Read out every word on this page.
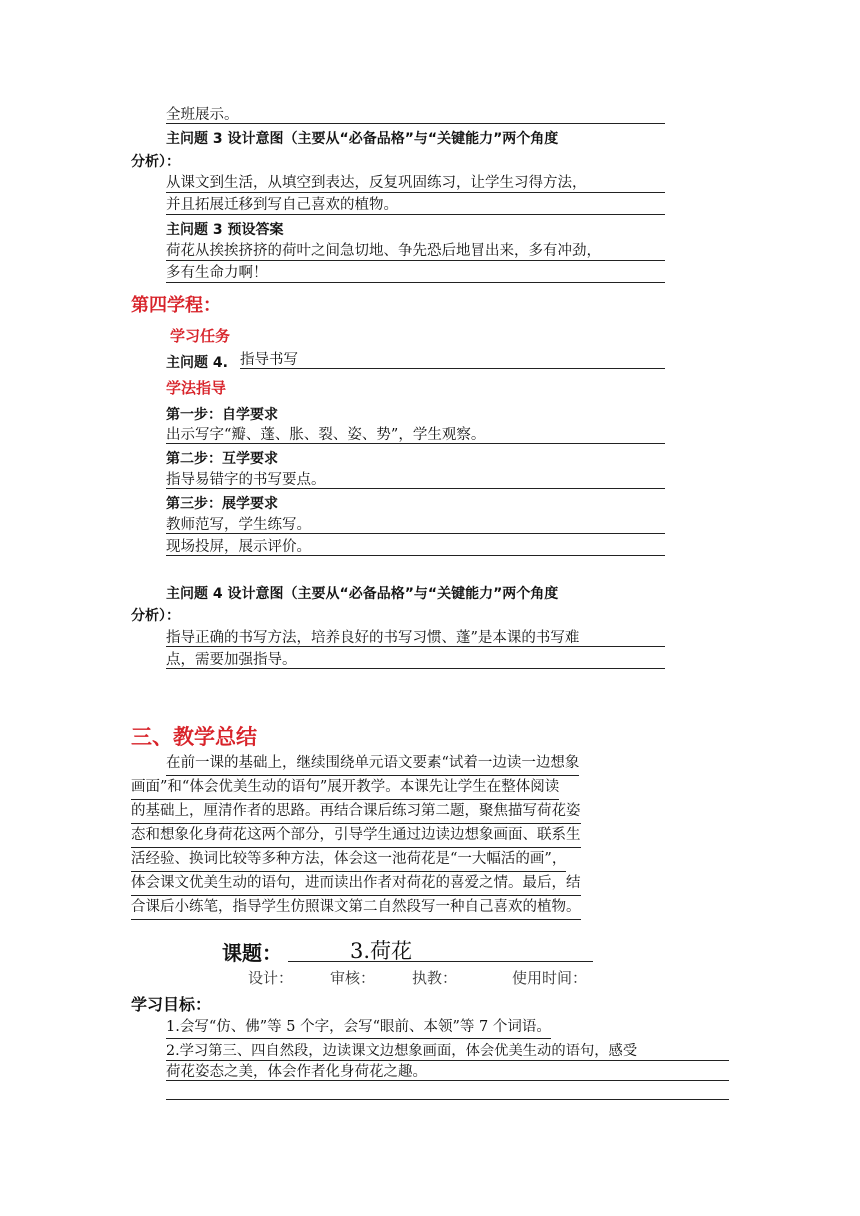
全班展示。
主问题 3 设计意图（主要从“必备品格”与“关键能力”两个角度
分析）：
从课文到生活，从填空到表达，反复巩固练习，让学生习得方法，
并且拓展迁移到写自己喜欢的植物。
主问题 3 预设答案
荷花从挨挨挤挤的荷叶之间急切地、争先恐后地冒出来，多有冲劲，
多有生命力啊！
第四学程：
学习任务
主问题 4. 指导书写
学法指导
第一步：自学要求
出示写字“瓣、蓬、胀、裂、姿、势”，学生观察。
第二步：互学要求
指导易错字的书写要点。
第三步：展学要求
教师范写，学生练写。
现场投屏，展示评价。
主问题 4 设计意图（主要从“必备品格”与“关键能力”两个角度
分析）：
指导正确的书写方法，培养良好的书写习惯、蓬”是本课的书写难
点，需要加强指导。
三、教学总结
在前一课的基础上，继续围绕单元语文要素“试着一边读一边想象
画面”和“体会优美生动的语句”展开教学。本课先让学生在整体阅读
的基础上，厘清作者的思路。再结合课后练习第二题，聚焦描写荷花姿
态和想象化身荷花这两个部分，引导学生通过边读边想象画面、联系生
活经验、换词比较等多种方法，体会这一池荷花是“一大幅活的画”，
体会课文优美生动的语句，进而读出作者对荷花的喜爱之情。最后，结
合课后小练笔，指导学生仿照课文第二自然段写一种自己喜欢的植物。
课题：	3.荷花
设计： 审核： 执教：	使用时间：
学习目标：
1.会写“仿、佛”等 5 个字，会写“眼前、本领”等 7 个词语。
2.学习第三、四自然段，边读课文边想象画面，体会优美生动的语句，感受
荷花姿态之美，体会作者化身荷花之趣。
